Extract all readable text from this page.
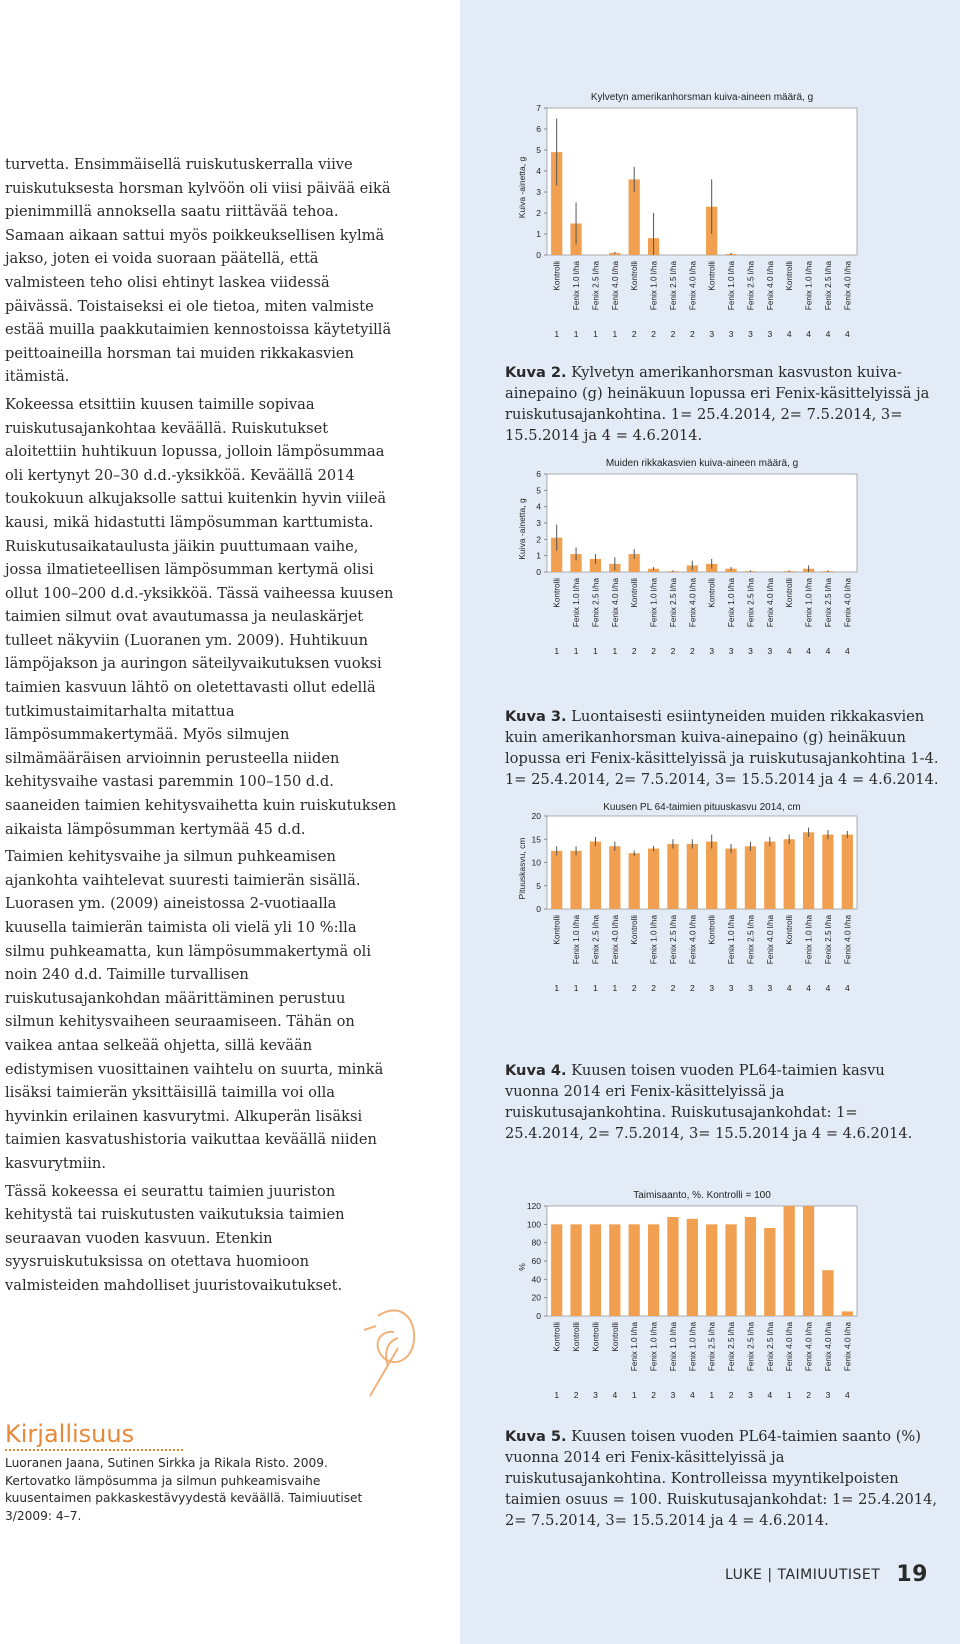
turvetta. Ensimmäisellä ruiskutuskerralla viive ruiskutuksesta horsman kylvöön oli viisi päivää eikä pienimmillä annoksella saatu riittävää tehoa. Samaan aikaan sattui myös poikkeuksellisen kylmä jakso, joten ei voida suoraan päätellä, että valmisteen teho olisi ehtinyt laskea viidessä päivässä. Toistaiseksi ei ole tietoa, miten valmiste estää muilla paakkutaimien kennostoissa käytetyillä peittoaineilla horsman tai muiden rikkakasvien itämistä.

Kokeessa etsittiin kuusen taimille sopivaa ruiskutusajankohtaa keväällä. Ruiskutukset aloitettiin huhtikuun lopussa, jolloin lämpösummaa oli kertynyt 20–30 d.d.-yksikköä. Keväällä 2014 toukokuun alkujaksolle sattui kuitenkin hyvin viileä kausi, mikä hidastutti lämpösumman karttumista. Ruiskutusaikataulusta jäikin puuttumaan vaihe, jossa ilmatieteellisen lämpösumman kertymä olisi ollut 100–200 d.d.-yksikköä. Tässä vaiheessa kuusen taimien silmut ovat avautumassa ja neulaskärjet tulleet näkyviin (Luoranen ym. 2009). Huhtikuun lämpöjakson ja auringon säteilyvaikutuksen vuoksi taimien kasvuun lähtö on oletettavasti ollut edellä tutkimustaimitarhalta mitattua lämpösummakertymää. Myös silmujen silmämääräisen arvioinnin perusteella niiden kehitysvaihe vastasi paremmin 100–150 d.d. saaneiden taimien kehitysvaihetta kuin ruiskutuksen aikaista lämpösumman kertymää 45 d.d.

Taimien kehitysvaihe ja silmun puhkeamisen ajankohta vaihtelevat suuresti taimierän sisällä. Luorasen ym. (2009) aineistossa 2-vuotiaalla kuusella taimierän taimista oli vielä yli 10 %:lla silmu puhkeamatta, kun lämpösummakertymä oli noin 240 d.d. Taimille turvallisen ruiskutusajankohdan määrittäminen perustuu silmun kehitysvaiheen seuraamiseen. Tähän on vaikea antaa selkeää ohjetta, sillä kevään edistymisen vuosittainen vaihtelu on suurta, minkä lisäksi taimierän yksittäisillä taimilla voi olla hyvinkin erilainen kasvurytmi. Alkuperän lisäksi taimien kasvatushistoria vaikuttaa keväällä niiden kasvurytmiin.

Tässä kokeessa ei seurattu taimien juuriston kehitystä tai ruiskutusten vaikutuksia taimien seuraavan vuoden kasvuun. Etenkin syysruiskutuksissa on otettava huomioon valmisteiden mahdolliset juuristovaikutukset.

Kirjallisuus
Luoranen Jaana, Sutinen Sirkka ja Rikala Risto. 2009. Kertovatko lämpösumma ja silmun puhkeamisvaihe kuusentaimen pakkaskestävyydestä keväällä. Taimiuutiset 3/2009: 4–7.
Kylvetyn amerikanhorsman kuiva-aineen määrä, g
0
1
2
3
4
5
6
7
Kuiva -ainetta, g
Kontrolli
1
Fenix 1.0 l/ha
1
Fenix 2.5 l/ha
1
Fenix 4.0 l/ha
1
Kontrolli
2
Fenix 1.0 l/ha
2
Fenix 2.5 l/ha
2
Fenix 4.0 l/ha
2
Kontrolli
3
Fenix 1.0 l/ha
3
Fenix 2.5 l/ha
3
Fenix 4.0 l/ha
3
Kontrolli
4
Fenix 1.0 l/ha
4
Fenix 2.5 l/ha
4
Fenix 4.0 l/ha
4
Kuva 2. Kylvetyn amerikanhorsman kasvuston kuiva-ainepaino (g) heinäkuun lopussa eri Fenix-käsittelyissä ja ruiskutusajankohtina. 1= 25.4.2014, 2= 7.5.2014, 3= 15.5.2014 ja 4 = 4.6.2014.
Muiden rikkakasvien kuiva-aineen määrä, g
0
1
2
3
4
5
6
Kuiva -ainetta, g
Kontrolli
1
Fenix 1.0 l/ha
1
Fenix 2.5 l/ha
1
Fenix 4.0 l/ha
1
Kontrolli
2
Fenix 1.0 l/ha
2
Fenix 2.5 l/ha
2
Fenix 4.0 l/ha
2
Kontrolli
3
Fenix 1.0 l/ha
3
Fenix 2.5 l/ha
3
Fenix 4.0 l/ha
3
Kontrolli
4
Fenix 1.0 l/ha
4
Fenix 2.5 l/ha
4
Fenix 4.0 l/ha
4
Kuva 3. Luontaisesti esiintyneiden muiden rikkakasvien kuin amerikanhorsman kuiva-ainepaino (g) heinäkuun lopussa eri Fenix-käsittelyissä ja ruiskutusajankohtina 1-4. 1= 25.4.2014, 2= 7.5.2014, 3= 15.5.2014 ja 4 = 4.6.2014.
Kuusen PL 64-taimien pituuskasvu 2014, cm
0
5
10
15
20
Pituuskasvu, cm
Kontrolli
1
Fenix 1.0 l/ha
1
Fenix 2.5 l/ha
1
Fenix 4.0 l/ha
1
Kontrolli
2
Fenix 1.0 l/ha
2
Fenix 2.5 l/ha
2
Fenix 4.0 l/ha
2
Kontrolli
3
Fenix 1.0 l/ha
3
Fenix 2.5 l/ha
3
Fenix 4.0 l/ha
3
Kontrolli
4
Fenix 1.0 l/ha
4
Fenix 2.5 l/ha
4
Fenix 4.0 l/ha
4
Kuva 4. Kuusen toisen vuoden PL64-taimien kasvu vuonna 2014 eri Fenix-käsittelyissä ja ruiskutusajankohtina. Ruiskutusajankohdat: 1= 25.4.2014, 2= 7.5.2014, 3= 15.5.2014 ja 4 = 4.6.2014.
Taimisaanto, %. Kontrolli = 100
0
20
40
60
80
100
120
%
Kontrolli
1
Kontrolli
2
Kontrolli
3
Kontrolli
4
Fenix 1.0 l/ha
1
Fenix 1.0 l/ha
2
Fenix 1.0 l/ha
3
Fenix 1.0 l/ha
4
Fenix 2.5 l/ha
1
Fenix 2.5 l/ha
2
Fenix 2.5 l/ha
3
Fenix 2.5 l/ha
4
Fenix 4.0 l/ha
1
Fenix 4.0 l/ha
2
Fenix 4.0 l/ha
3
Fenix 4.0 l/ha
4
Kuva 5. Kuusen toisen vuoden PL64-taimien saanto (%) vuonna 2014 eri Fenix-käsittelyissä ja ruiskutusajankohtina. Kontrolleissa myyntikelpoisten taimien osuus = 100. Ruiskutusajankohdat: 1= 25.4.2014, 2= 7.5.2014, 3= 15.5.2014 ja 4 = 4.6.2014.
LUKE | TAIMIUUTISET 19
